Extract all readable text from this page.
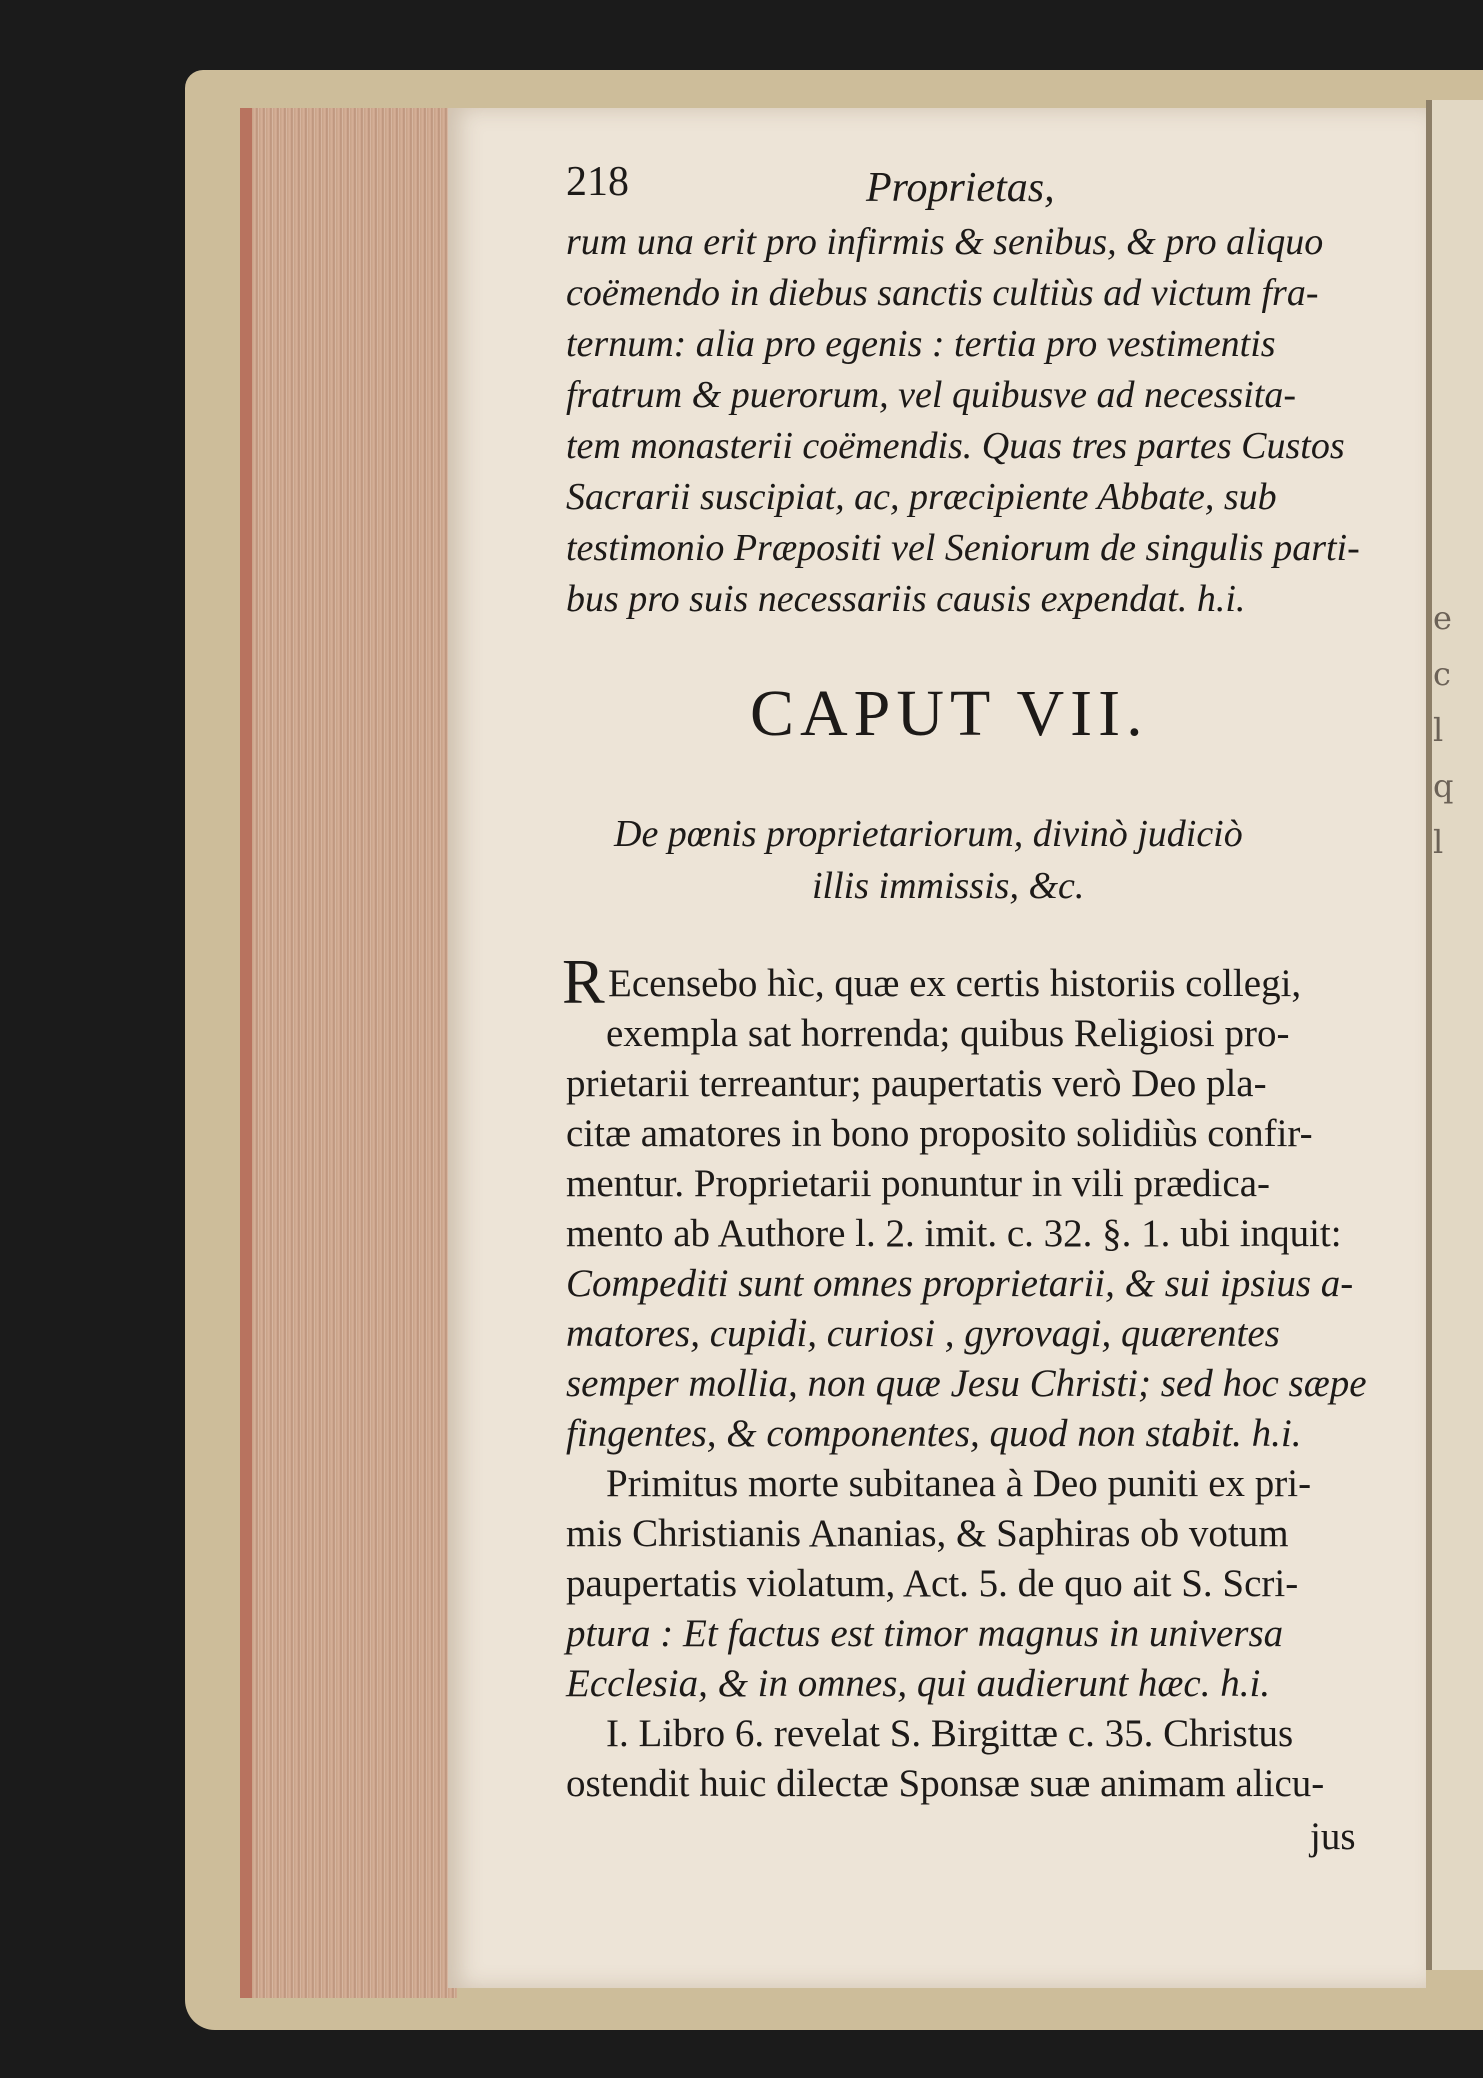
e
c
l
q
l
218	Proprietas,
rum una erit pro infirmis & senibus, & pro aliquo
coëmendo in diebus sanctis cultiùs ad victum fra-
ternum: alia pro egenis : tertia pro vestimentis
fratrum & puerorum, vel quibusve ad necessita-
tem monasterii coëmendis. Quas tres partes Custos
Sacrarii suscipiat, ac, præcipiente Abbate, sub
testimonio Præpositi vel Seniorum de singulis parti-
bus pro suis necessariis causis expendat. h.i.
CAPUT VII.
De pœnis proprietariorum, divinò judiciò
illis immissis, &c.
R Ecensebo hìc, quæ ex certis historiis collegi,
exempla sat horrenda; quibus Religiosi pro-
prietarii terreantur; paupertatis verò Deo pla-
citæ amatores in bono proposito solidiùs confir-
mentur. Proprietarii ponuntur in vili prædica-
mento ab Authore l. 2. imit. c. 32. §. 1. ubi inquit:
Compediti sunt omnes proprietarii, & sui ipsius a-
matores, cupidi, curiosi , gyrovagi, quærentes
semper mollia, non quæ Jesu Christi; sed hoc sæpe
fingentes, & componentes, quod non stabit. h.i.
Primitus morte subitanea à Deo puniti ex pri-
mis Christianis Ananias, & Saphiras ob votum
paupertatis violatum, Act. 5. de quo ait S. Scri-
ptura : Et factus est timor magnus in universa
Ecclesia, & in omnes, qui audierunt hæc. h.i.
I. Libro 6. revelat S. Birgittæ c. 35. Christus
ostendit huic dilectæ Sponsæ suæ animam alicu-
jus
